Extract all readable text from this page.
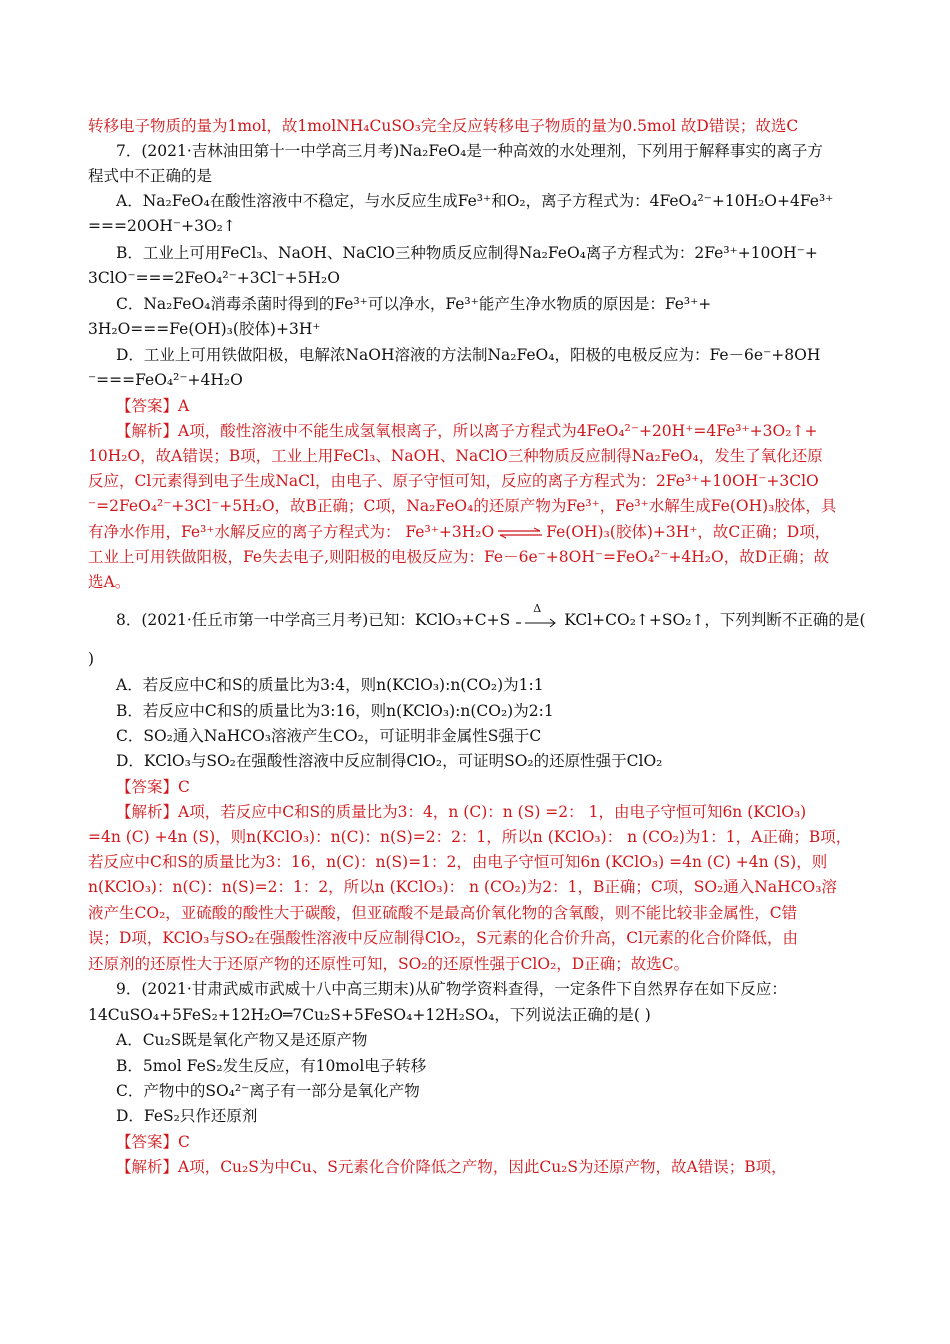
转移电子物质的量为1mol，故1molNH₄CuSO₃完全反应转移电子物质的量为0.5mol 故D错误；故选C
7．(2021·吉林油田第十一中学高三月考)Na₂FeO₄是一种高效的水处理剂，下列用于解释事实的离子方
程式中不正确的是
A．Na₂FeO₄在酸性溶液中不稳定，与水反应生成Fe³⁺和O₂，离子方程式为：4FeO₄²⁻+10H₂O+4Fe³⁺
===20OH⁻+3O₂↑
B．工业上可用FeCl₃、NaOH、NaClO三种物质反应制得Na₂FeO₄离子方程式为：2Fe³⁺+10OH⁻+
3ClO⁻===2FeO₄²⁻+3Cl⁻+5H₂O
C．Na₂FeO₄消毒杀菌时得到的Fe³⁺可以净水，Fe³⁺能产生净水物质的原因是：Fe³⁺+
3H₂O===Fe(OH)₃(胶体)+3H⁺
D．工业上可用铁做阳极，电解浓NaOH溶液的方法制Na₂FeO₄，阳极的电极反应为：Fe－6e⁻+8OH
⁻===FeO₄²⁻+4H₂O
【答案】A
【解析】A项，酸性溶液中不能生成氢氧根离子，所以离子方程式为4FeO₄²⁻+20H⁺=4Fe³⁺+3O₂↑+
10H₂O，故A错误；B项，工业上用FeCl₃、NaOH、NaClO三种物质反应制得Na₂FeO₄，发生了氧化还原
反应，Cl元素得到电子生成NaCl，由电子、原子守恒可知，反应的离子方程式为：2Fe³⁺+10OH⁻+3ClO
⁻=2FeO₄²⁻+3Cl⁻+5H₂O，故B正确；C项，Na₂FeO₄的还原产物为Fe³⁺，Fe³⁺水解生成Fe(OH)₃胶体，具
有净水作用，Fe³⁺水解反应的离子方程式为： Fe³⁺+3H₂O ⇌ Fe(OH)₃(胶体)+3H⁺，故C正确；D项，
工业上可用铁做阳极，Fe失去电子,则阳极的电极反应为：Fe－6e⁻+8OH⁻=FeO₄²⁻+4H₂O，故D正确；故
选A。
8．(2021·任丘市第一中学高三月考)已知：KClO₃+C+S
Δ
KCl+CO₂↑+SO₂↑，下列判断不正确的是(
)
A．若反应中C和S的质量比为3:4，则n(KClO₃):n(CO₂)为1:1
B．若反应中C和S的质量比为3:16，则n(KClO₃):n(CO₂)为2:1
C．SO₂通入NaHCO₃溶液产生CO₂，可证明非金属性S强于C
D．KClO₃与SO₂在强酸性溶液中反应制得ClO₂，可证明SO₂的还原性强于ClO₂
【答案】C
【解析】A项，若反应中C和S的质量比为3：4，n (C)：n (S) =2： 1，由电子守恒可知6n (KClO₃)
=4n (C) +4n (S)，则n(KClO₃)：n(C)：n(S)=2：2：1，所以n (KClO₃)： n (CO₂)为1：1，A正确；B项，
若反应中C和S的质量比为3：16，n(C)：n(S)=1：2，由电子守恒可知6n (KClO₃) =4n (C) +4n (S)，则
n(KClO₃)：n(C)：n(S)=2：1：2，所以n (KClO₃)： n (CO₂)为2：1，B正确；C项，SO₂通入NaHCO₃溶
液产生CO₂，亚硫酸的酸性大于碳酸，但亚硫酸不是最高价氧化物的含氧酸，则不能比较非金属性，C错
误；D项，KClO₃与SO₂在强酸性溶液中反应制得ClO₂，S元素的化合价升高，Cl元素的化合价降低，由
还原剂的还原性大于还原产物的还原性可知，SO₂的还原性强于ClO₂，D正确；故选C。
9．(2021·甘肃武威市武威十八中高三期末)从矿物学资料查得，一定条件下自然界存在如下反应：
14CuSO₄+5FeS₂+12H₂O═7Cu₂S+5FeSO₄+12H₂SO₄，下列说法正确的是( )
A．Cu₂S既是氧化产物又是还原产物
B．5mol FeS₂发生反应，有10mol电子转移
C．产物中的SO₄²⁻离子有一部分是氧化产物
D．FeS₂只作还原剂
【答案】C
【解析】A项，Cu₂S为中Cu、S元素化合价降低之产物，因此Cu₂S为还原产物，故A错误；B项，
